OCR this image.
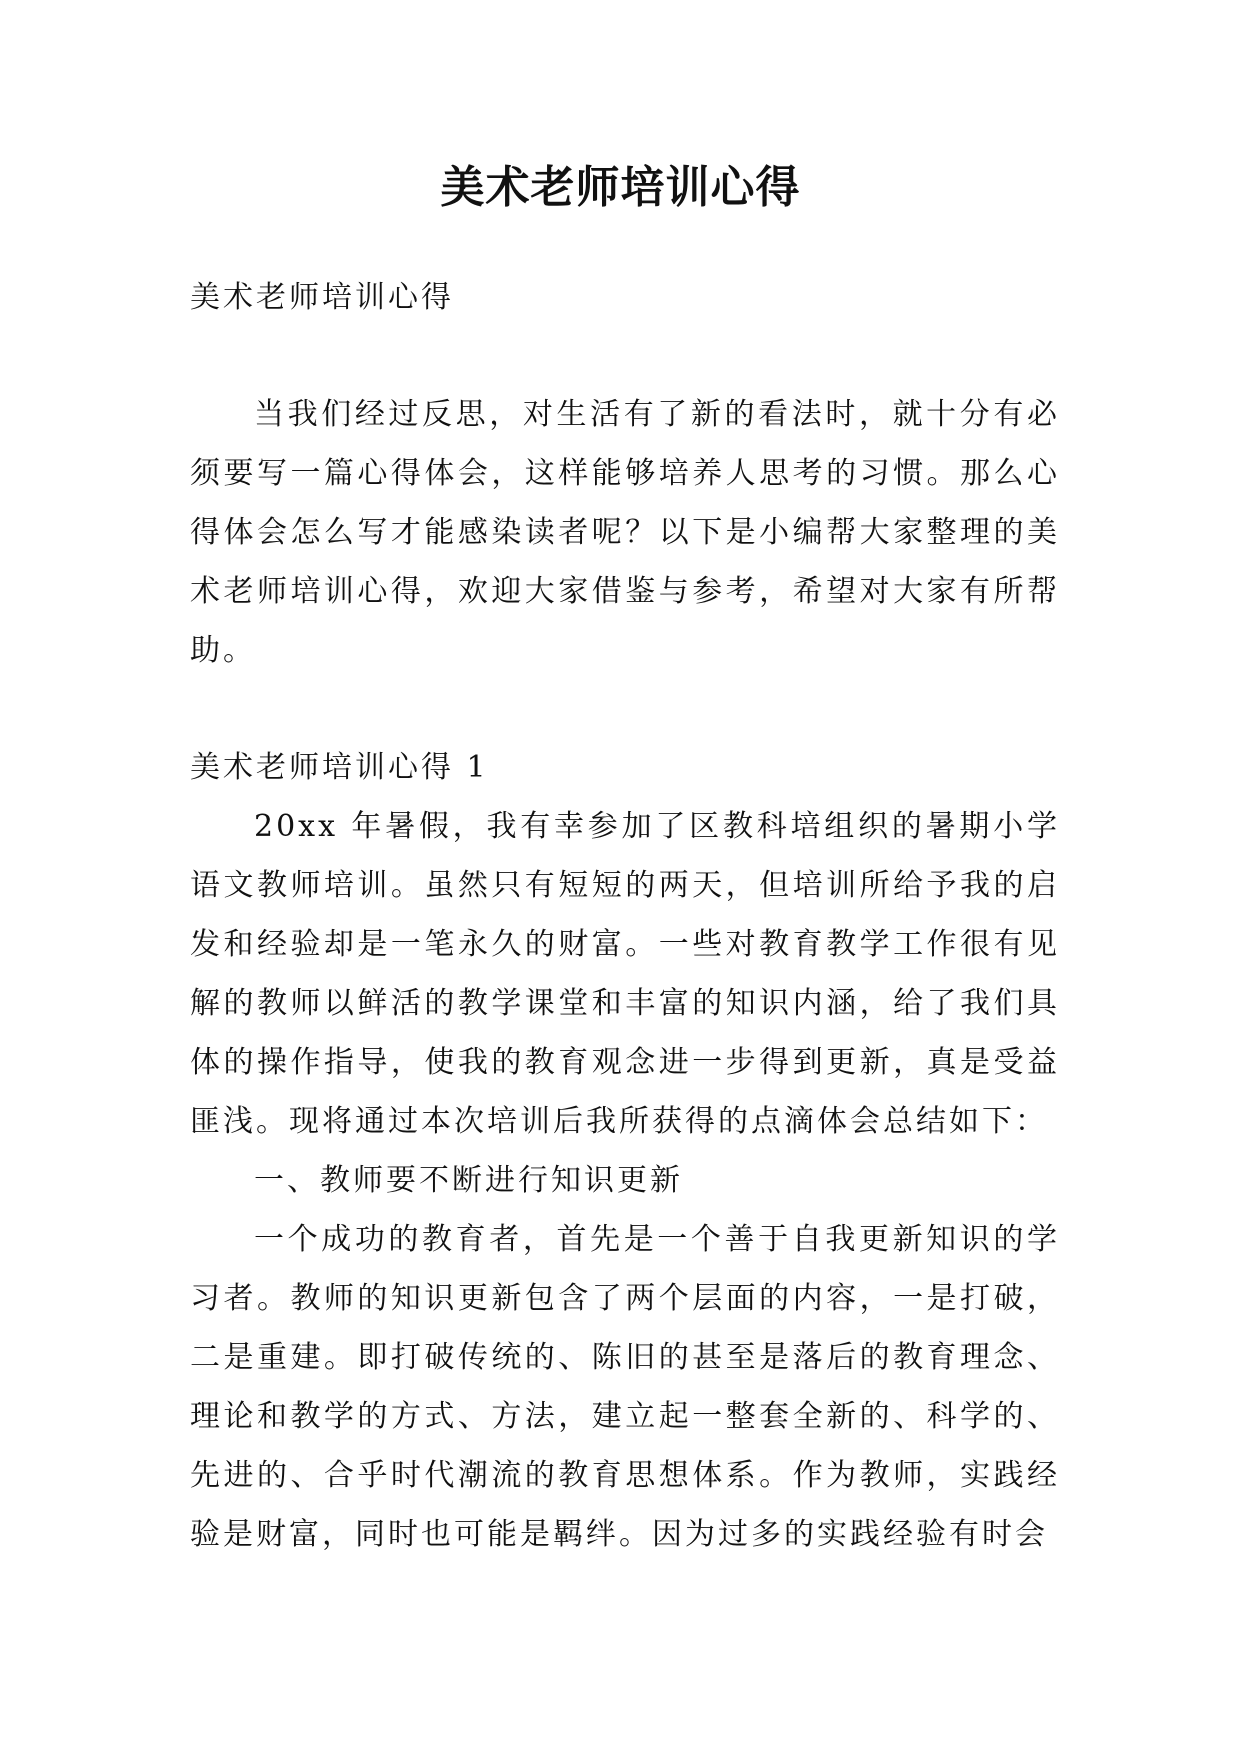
美术老师培训心得

美术老师培训心得

当我们经过反思，对生活有了新的看法时，就十分有必须要写一篇心得体会，这样能够培养人思考的习惯。那么心得体会怎么写才能感染读者呢？以下是小编帮大家整理的美术老师培训心得，欢迎大家借鉴与参考，希望对大家有所帮助。

美术老师培训心得 1

20xx 年暑假，我有幸参加了区教科培组织的暑期小学语文教师培训。虽然只有短短的两天，但培训所给予我的启发和经验却是一笔永久的财富。一些对教育教学工作很有见解的教师以鲜活的教学课堂和丰富的知识内涵，给了我们具体的操作指导，使我的教育观念进一步得到更新，真是受益匪浅。现将通过本次培训后我所获得的点滴体会总结如下：

一、教师要不断进行知识更新

一个成功的教育者，首先是一个善于自我更新知识的学习者。教师的知识更新包含了两个层面的内容，一是打破，二是重建。即打破传统的、陈旧的甚至是落后的教育理念、理论和教学的方式、方法，建立起一整套全新的、科学的、先进的、合乎时代潮流的教育思想体系。作为教师，实践经验是财富，同时也可能是羁绊。因为过多的实践经验有时会
